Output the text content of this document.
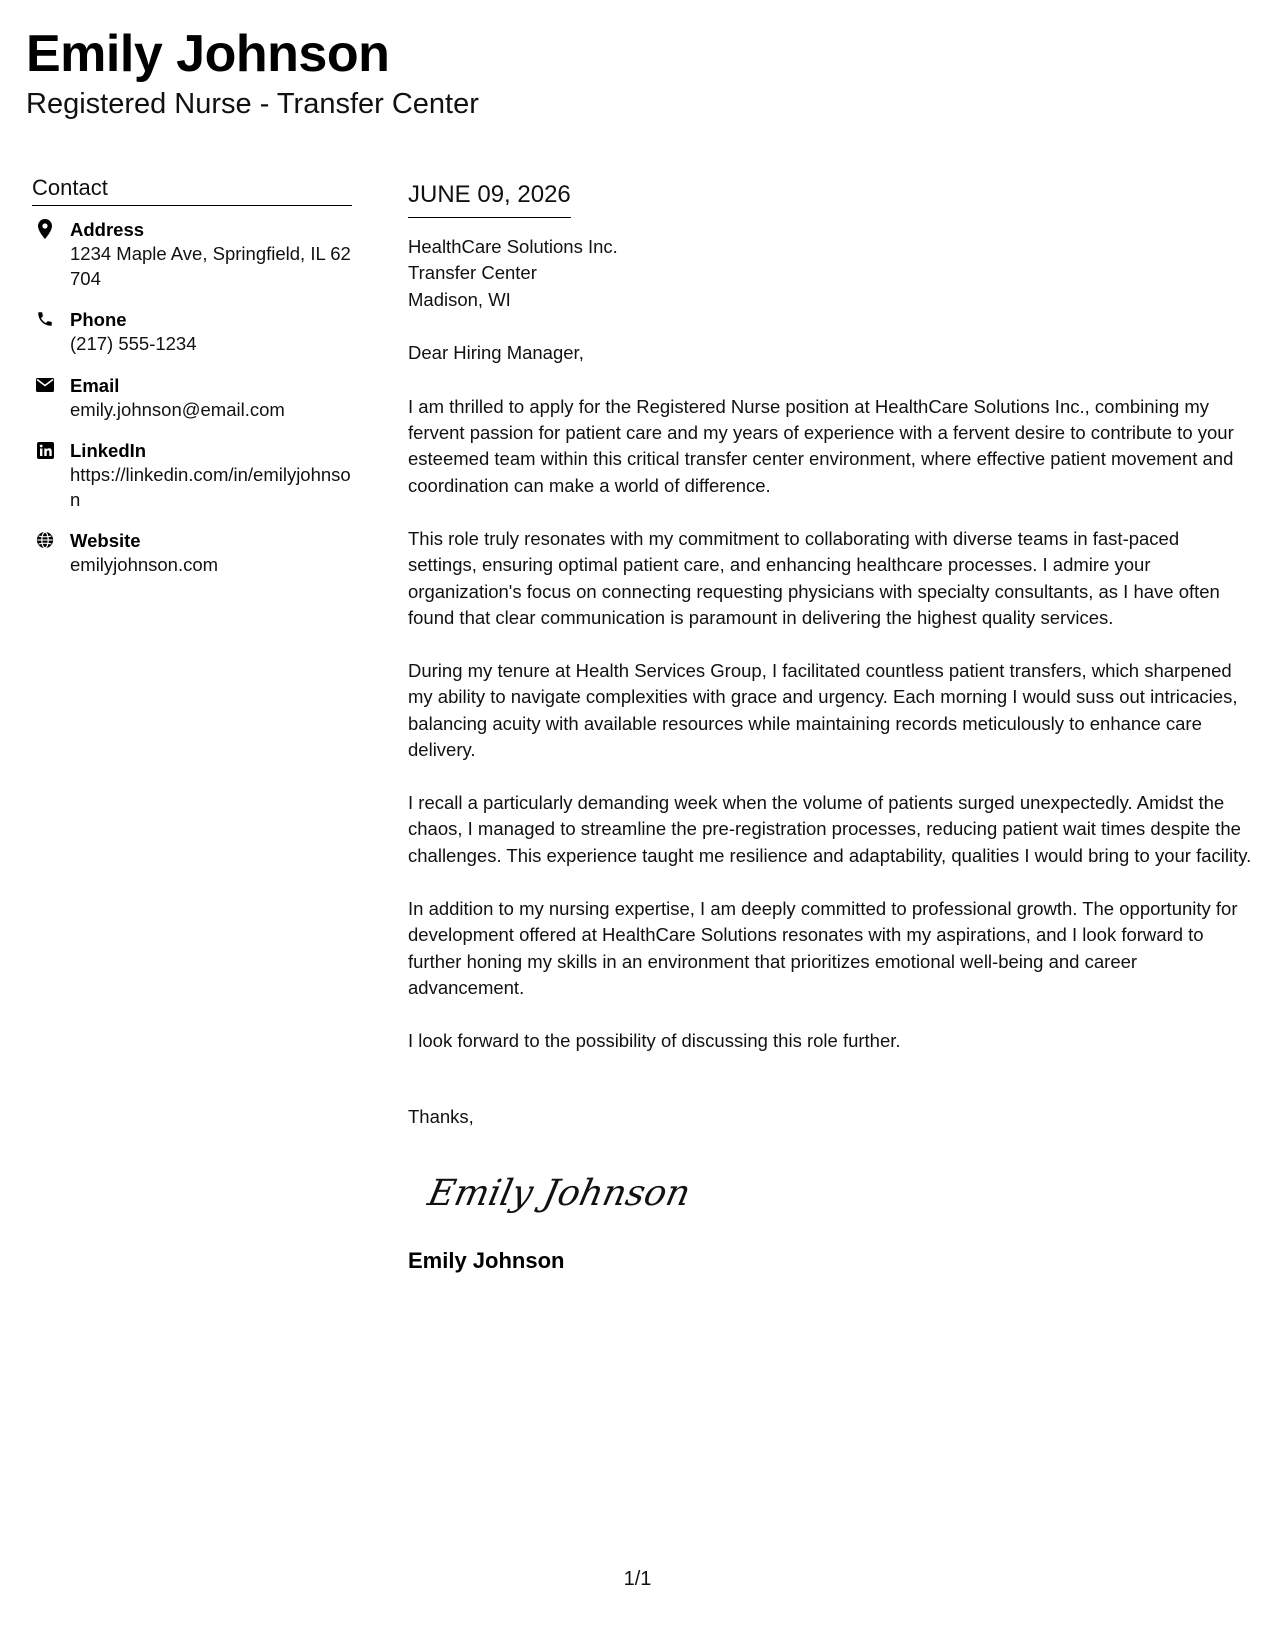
Emily Johnson

Registered Nurse - Transfer Center

Contact
Address
1234 Maple Ave, Springfield, IL 62704
Phone
(217) 555-1234
Email
emily.johnson@email.com
LinkedIn
https://linkedin.com/in/emilyjohnson
Website
emilyjohnson.com
JUNE 09, 2026
HealthCare Solutions Inc.
Transfer Center
Madison, WI
Dear Hiring Manager,

I am thrilled to apply for the Registered Nurse position at HealthCare Solutions Inc., combining my fervent passion for patient care and my years of experience with a fervent desire to contribute to your esteemed team within this critical transfer center environment, where effective patient movement and coordination can make a world of difference.

This role truly resonates with my commitment to collaborating with diverse teams in fast-paced settings, ensuring optimal patient care, and enhancing healthcare processes. I admire your organization's focus on connecting requesting physicians with specialty consultants, as I have often found that clear communication is paramount in delivering the highest quality services.

During my tenure at Health Services Group, I facilitated countless patient transfers, which sharpened my ability to navigate complexities with grace and urgency. Each morning I would suss out intricacies, balancing acuity with available resources while maintaining records meticulously to enhance care delivery.

I recall a particularly demanding week when the volume of patients surged unexpectedly. Amidst the chaos, I managed to streamline the pre-registration processes, reducing patient wait times despite the challenges. This experience taught me resilience and adaptability, qualities I would bring to your facility.

In addition to my nursing expertise, I am deeply committed to professional growth. The opportunity for development offered at HealthCare Solutions resonates with my aspirations, and I look forward to further honing my skills in an environment that prioritizes emotional well-being and career advancement.

I look forward to the possibility of discussing this role further.

Thanks,
Emily Johnson
Emily Johnson
1/1
